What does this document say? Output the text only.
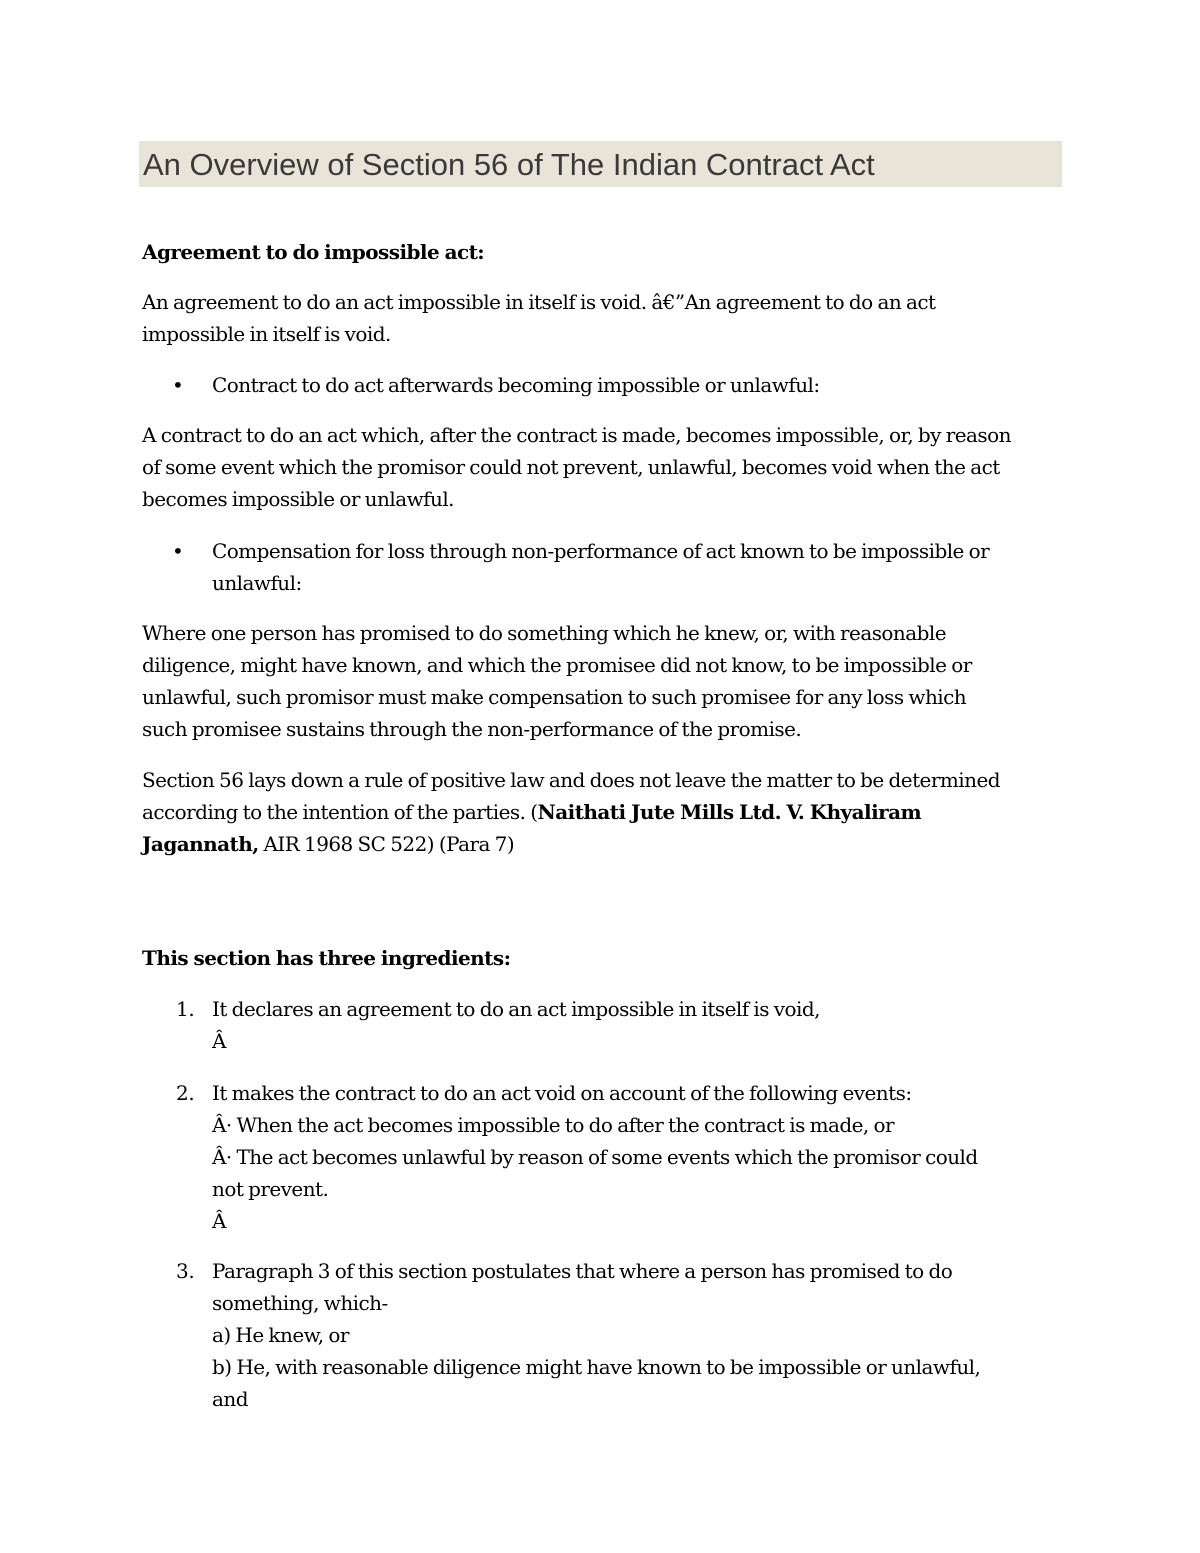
An Overview of Section 56 of The Indian Contract Act
Agreement to do impossible act:
An agreement to do an act impossible in itself is void. â€”An agreement to do an act
impossible in itself is void.
• Contract to do act afterwards becoming impossible or unlawful:
A contract to do an act which, after the contract is made, becomes impossible, or, by reason
of some event which the promisor could not prevent, unlawful, becomes void when the act
becomes impossible or unlawful.
• Compensation for loss through non-performance of act known to be impossible or
unlawful:
Where one person has promised to do something which he knew, or, with reasonable
diligence, might have known, and which the promisee did not know, to be impossible or
unlawful, such promisor must make compensation to such promisee for any loss which
such promisee sustains through the non-performance of the promise.
Section 56 lays down a rule of positive law and does not leave the matter to be determined
according to the intention of the parties. (Naithati Jute Mills Ltd. V. Khyaliram
Jagannath, AIR 1968 SC 522) (Para 7)
This section has three ingredients:
1. It declares an agreement to do an act impossible in itself is void,
Â
2. It makes the contract to do an act void on account of the following events:
Â· When the act becomes impossible to do after the contract is made, or
Â· The act becomes unlawful by reason of some events which the promisor could
not prevent.
Â
3. Paragraph 3 of this section postulates that where a person has promised to do
something, which-
a) He knew, or
b) He, with reasonable diligence might have known to be impossible or unlawful,
and
